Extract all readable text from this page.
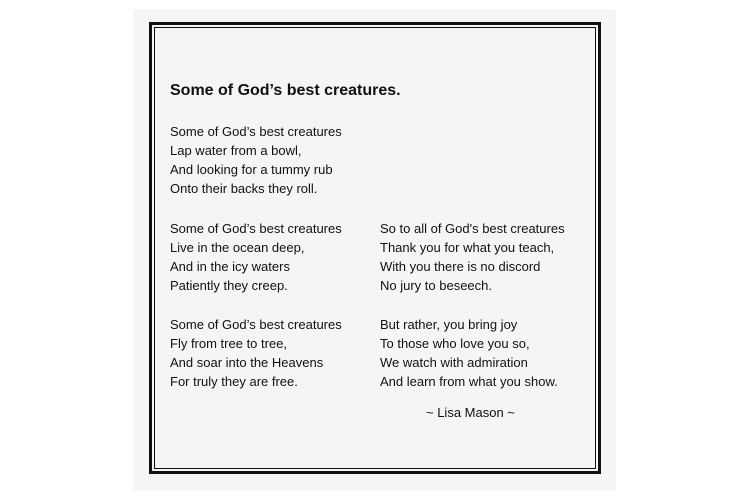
Some of God’s best creatures.
Some of God’s best creatures
Lap water from a bowl,
And looking for a tummy rub
Onto their backs they roll.
Some of God’s best creatures
Live in the ocean deep,
And in the icy waters
Patiently they creep.
Some of God’s best creatures
Fly from tree to tree,
And soar into the Heavens
For truly they are free.
So to all of God's best creatures
Thank you for what you teach,
With you there is no discord
No jury to beseech.
But rather, you bring joy
To those who love you so,
We watch with admiration
And learn from what you show.
~ Lisa Mason ~
